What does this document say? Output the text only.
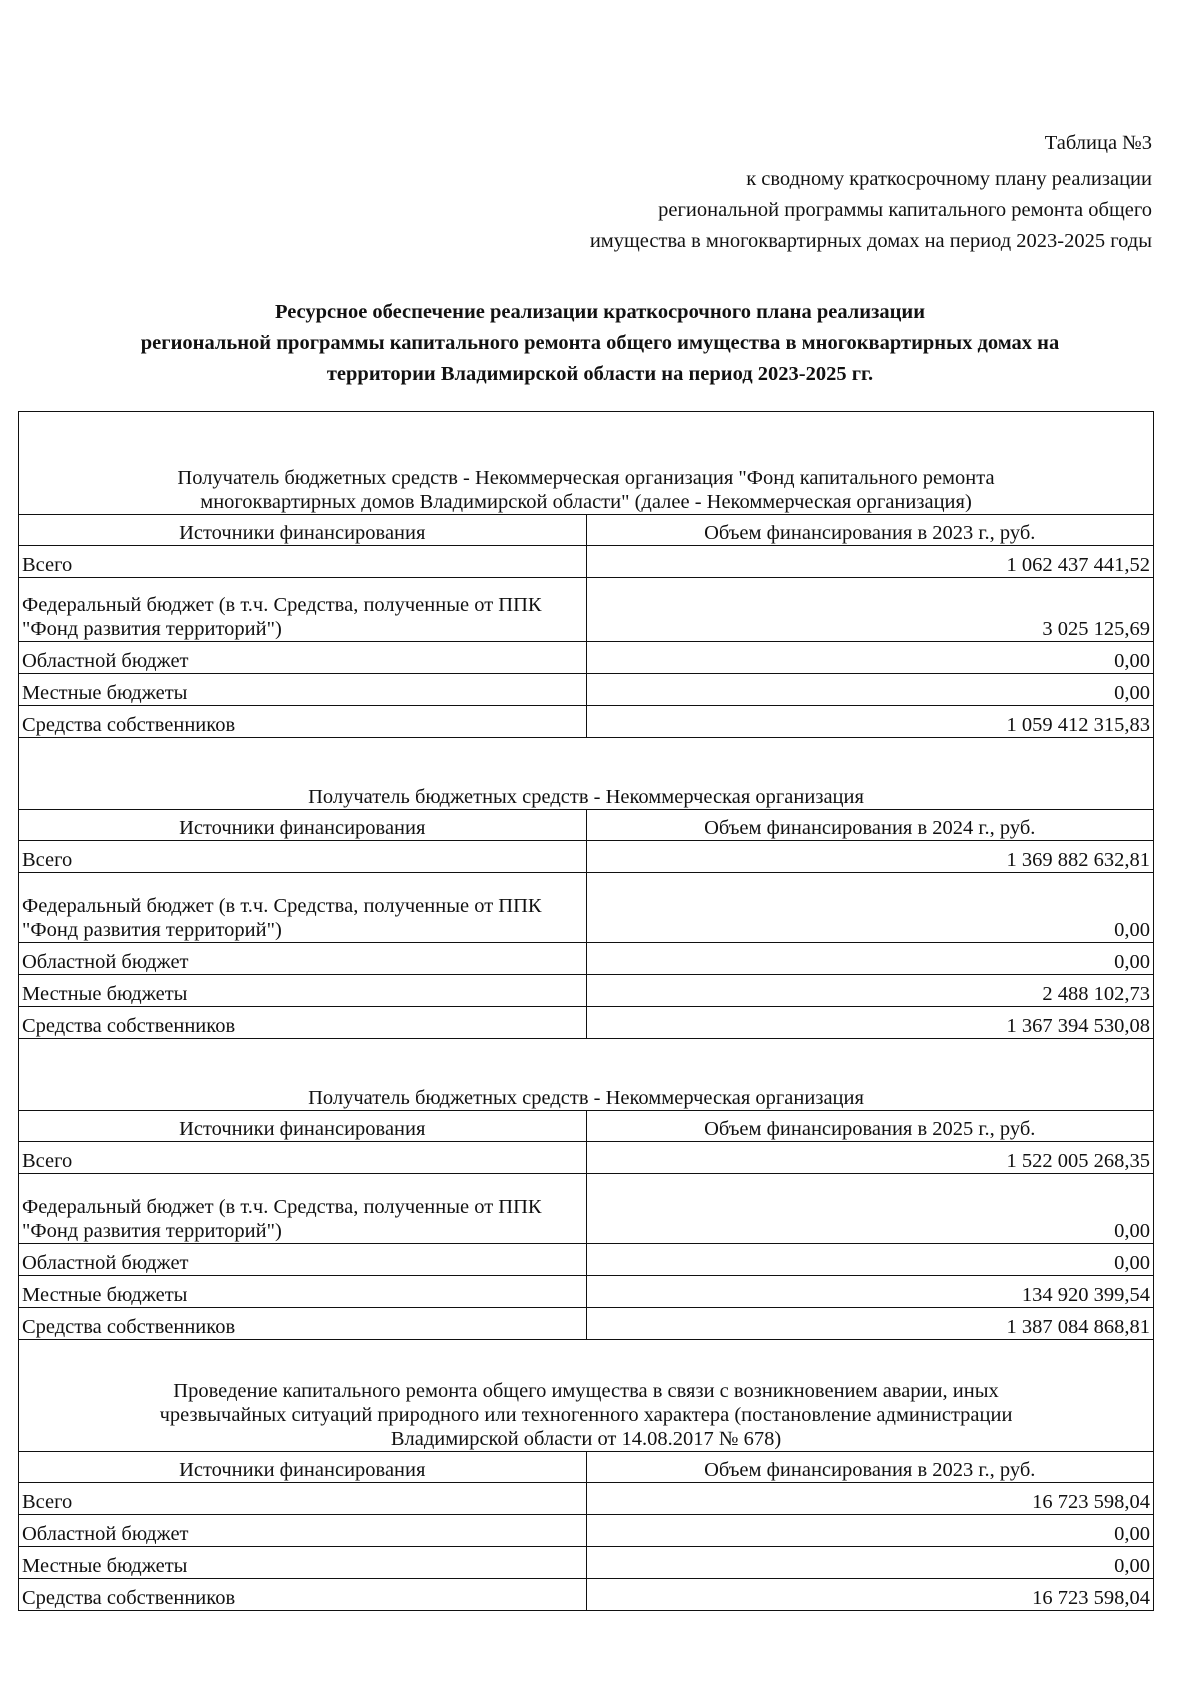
Таблица №3
к сводному краткосрочному плану реализации
региональной программы капитального ремонта общего
имущества в многоквартирных домах на период 2023-2025 годы
Ресурсное обеспечение реализации краткосрочного плана реализации
региональной программы капитального ремонта общего имущества в многоквартирных домах на
территории Владимирской области на период 2023-2025 гг.
Получатель бюджетных средств - Некоммерческая организация "Фонд капитального ремонта
многоквартирных домов Владимирской области" (далее - Некоммерческая организация)	

Источники финансирования	Объем финансирования в 2023 г., руб.
Всего	1 062 437 441,52
Федеральный бюджет (в т.ч. Средства, полученные от ППК "Фонд развития территорий")	3 025 125,69
Областной бюджет	0,00
Местные бюджеты	0,00
Средства собственников	1 059 412 315,83

Получатель бюджетных средств - Некоммерческая организация	

Источники финансирования	Объем финансирования в 2024 г., руб.
Всего	1 369 882 632,81
Федеральный бюджет (в т.ч. Средства, полученные от ППК "Фонд развития территорий")	0,00
Областной бюджет	0,00
Местные бюджеты	2 488 102,73
Средства собственников	1 367 394 530,08

Получатель бюджетных средств - Некоммерческая организация	

Источники финансирования	Объем финансирования в 2025 г., руб.
Всего	1 522 005 268,35
Федеральный бюджет (в т.ч. Средства, полученные от ППК "Фонд развития территорий")	0,00
Областной бюджет	0,00
Местные бюджеты	134 920 399,54
Средства собственников	1 387 084 868,81

Проведение капитального ремонта общего имущества в связи с возникновением аварии, иных
чрезвычайных ситуаций природного или техногенного характера (постановление администрации
Владимирской области от 14.08.2017 № 678)	

Источники финансирования	Объем финансирования в 2023 г., руб.
Всего	16 723 598,04
Областной бюджет	0,00
Местные бюджеты	0,00
Средства собственников	16 723 598,04
